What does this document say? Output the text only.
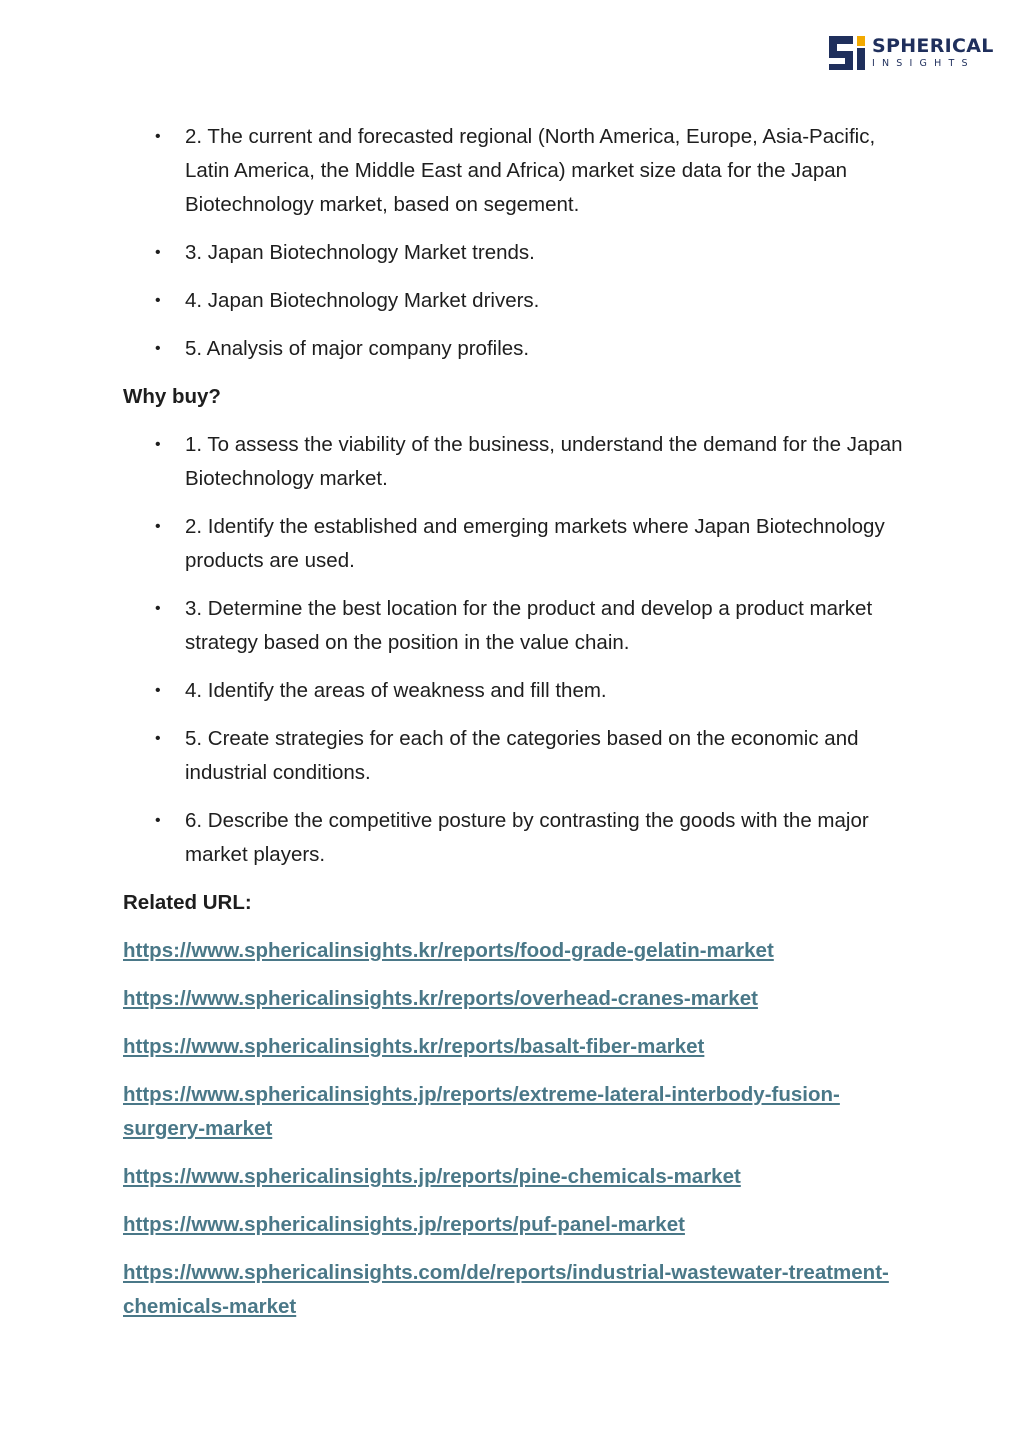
SPHERICAL
INSIGHTS
• 2. The current and forecasted regional (North America, Europe, Asia-Pacific, Latin America, the Middle East and Africa) market size data for the Japan Biotechnology market, based on segement.
• 3. Japan Biotechnology Market trends.
• 4. Japan Biotechnology Market drivers.
• 5. Analysis of major company profiles.
Why buy?
• 1. To assess the viability of the business, understand the demand for the Japan Biotechnology market.
• 2. Identify the established and emerging markets where Japan Biotechnology products are used.
• 3. Determine the best location for the product and develop a product market strategy based on the position in the value chain.
• 4. Identify the areas of weakness and fill them.
• 5. Create strategies for each of the categories based on the economic and industrial conditions.
• 6. Describe the competitive posture by contrasting the goods with the major market players.
Related URL:
https://www.sphericalinsights.kr/reports/food-grade-gelatin-market
https://www.sphericalinsights.kr/reports/overhead-cranes-market
https://www.sphericalinsights.kr/reports/basalt-fiber-market
https://www.sphericalinsights.jp/reports/extreme-lateral-interbody-fusion-surgery-market
https://www.sphericalinsights.jp/reports/pine-chemicals-market
https://www.sphericalinsights.jp/reports/puf-panel-market
https://www.sphericalinsights.com/de/reports/industrial-wastewater-treatment-chemicals-market
